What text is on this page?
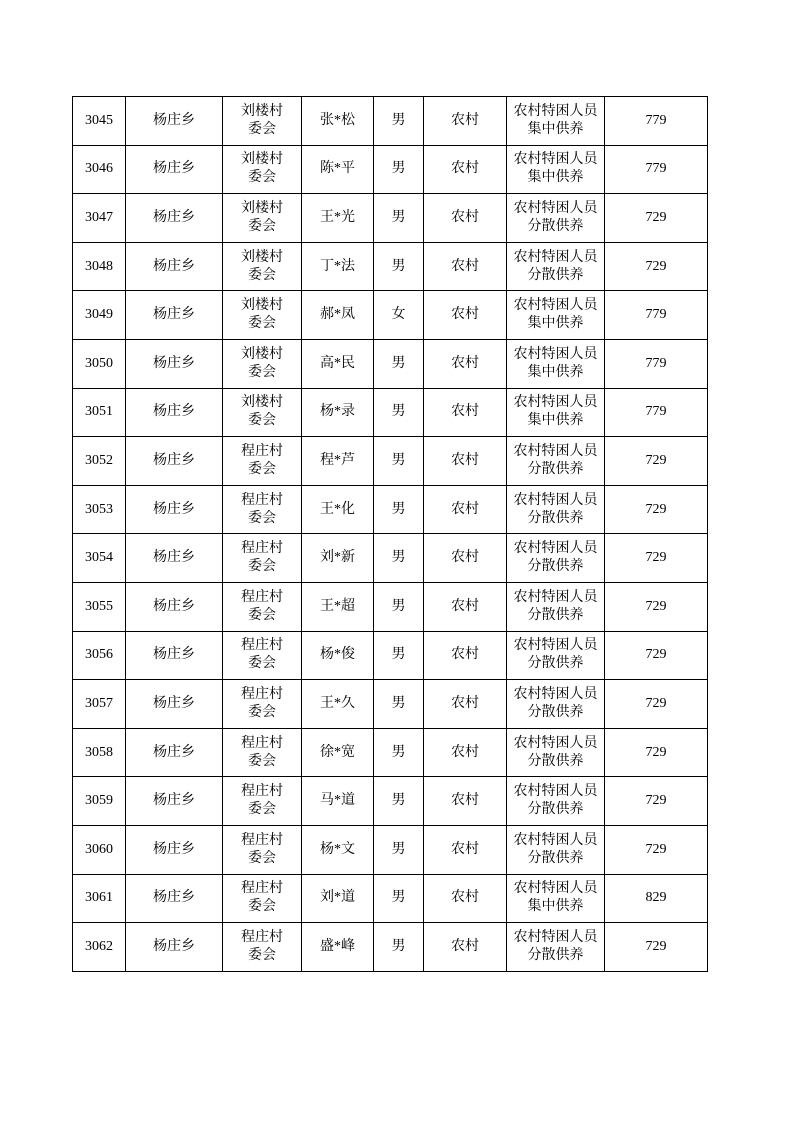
3045	杨庄乡	刘楼村委会	张*松	男	农村	农村特困人员集中供养	779
3046	杨庄乡	刘楼村委会	陈*平	男	农村	农村特困人员集中供养	779
3047	杨庄乡	刘楼村委会	王*光	男	农村	农村特困人员分散供养	729
3048	杨庄乡	刘楼村委会	丁*法	男	农村	农村特困人员分散供养	729
3049	杨庄乡	刘楼村委会	郝*凤	女	农村	农村特困人员集中供养	779
3050	杨庄乡	刘楼村委会	高*民	男	农村	农村特困人员集中供养	779
3051	杨庄乡	刘楼村委会	杨*录	男	农村	农村特困人员集中供养	779
3052	杨庄乡	程庄村委会	程*芦	男	农村	农村特困人员分散供养	729
3053	杨庄乡	程庄村委会	王*化	男	农村	农村特困人员分散供养	729
3054	杨庄乡	程庄村委会	刘*新	男	农村	农村特困人员分散供养	729
3055	杨庄乡	程庄村委会	王*超	男	农村	农村特困人员分散供养	729
3056	杨庄乡	程庄村委会	杨*俊	男	农村	农村特困人员分散供养	729
3057	杨庄乡	程庄村委会	王*久	男	农村	农村特困人员分散供养	729
3058	杨庄乡	程庄村委会	徐*宽	男	农村	农村特困人员分散供养	729
3059	杨庄乡	程庄村委会	马*道	男	农村	农村特困人员分散供养	729
3060	杨庄乡	程庄村委会	杨*文	男	农村	农村特困人员分散供养	729
3061	杨庄乡	程庄村委会	刘*道	男	农村	农村特困人员集中供养	829
3062	杨庄乡	程庄村委会	盛*峰	男	农村	农村特困人员分散供养	729
